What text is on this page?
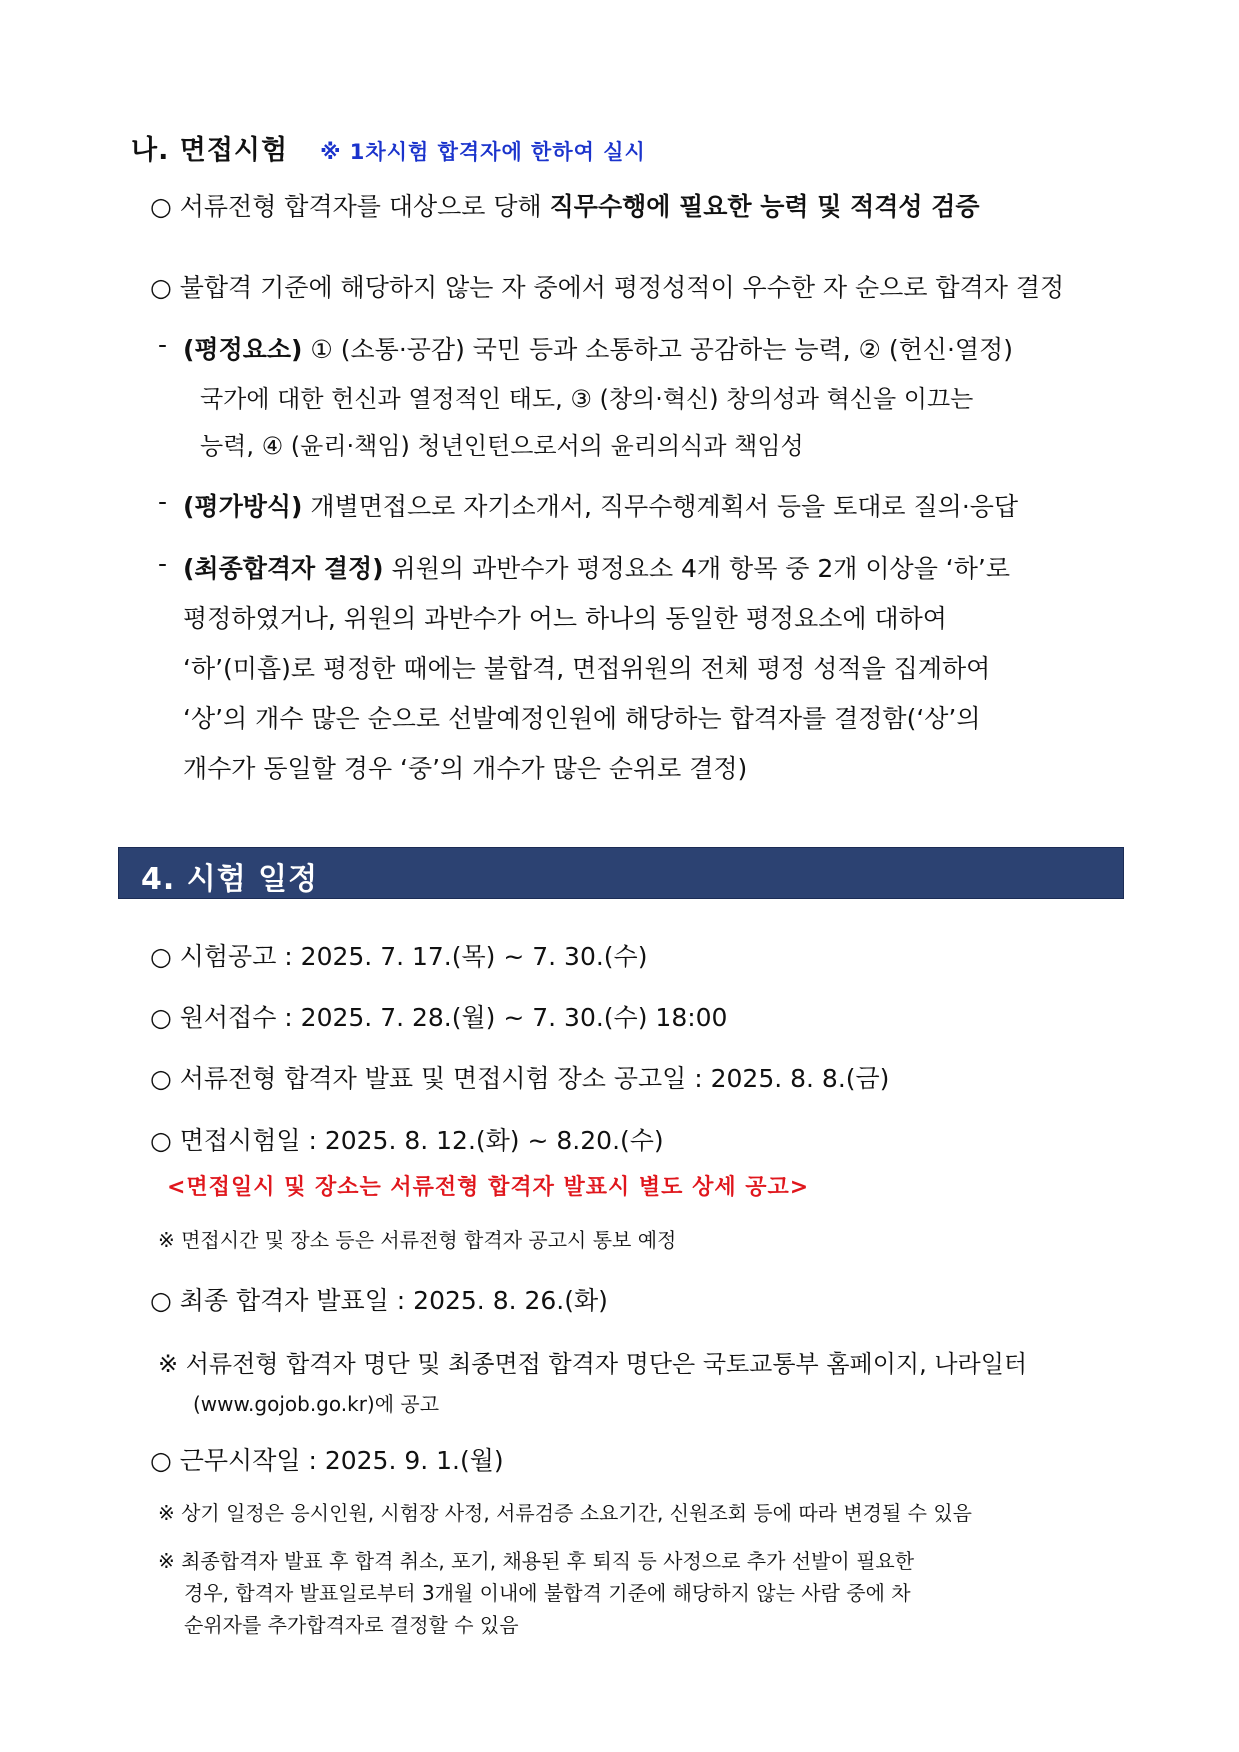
나. 면접시험 ※ 1차시험 합격자에 한하여 실시
○ 서류전형 합격자를 대상으로 당해 직무수행에 필요한 능력 및 적격성 검증
○ 불합격 기준에 해당하지 않는 자 중에서 평정성적이 우수한 자 순으로 합격자 결정
- (평정요소) ① (소통·공감) 국민 등과 소통하고 공감하는 능력, ② (헌신·열정)
국가에 대한 헌신과 열정적인 태도, ③ (창의·혁신) 창의성과 혁신을 이끄는
능력, ④ (윤리·책임) 청년인턴으로서의 윤리의식과 책임성
- (평가방식) 개별면접으로 자기소개서, 직무수행계획서 등을 토대로 질의·응답
- (최종합격자 결정) 위원의 과반수가 평정요소 4개 항목 중 2개 이상을 ‘하’로
평정하였거나, 위원의 과반수가 어느 하나의 동일한 평정요소에 대하여
‘하’(미흡)로 평정한 때에는 불합격, 면접위원의 전체 평정 성적을 집계하여
‘상’의 개수 많은 순으로 선발예정인원에 해당하는 합격자를 결정함(‘상’의
개수가 동일할 경우 ‘중’의 개수가 많은 순위로 결정)
4. 시험 일정
○ 시험공고 : 2025. 7. 17.(목) ~ 7. 30.(수)
○ 원서접수 : 2025. 7. 28.(월) ~ 7. 30.(수) 18:00
○ 서류전형 합격자 발표 및 면접시험 장소 공고일 : 2025. 8. 8.(금)
○ 면접시험일 : 2025. 8. 12.(화) ~ 8.20.(수)
<면접일시 및 장소는 서류전형 합격자 발표시 별도 상세 공고>
※ 면접시간 및 장소 등은 서류전형 합격자 공고시 통보 예정
○ 최종 합격자 발표일 : 2025. 8. 26.(화)
※ 서류전형 합격자 명단 및 최종면접 합격자 명단은 국토교통부 홈페이지, 나라일터
(www.gojob.go.kr)에 공고
○ 근무시작일 : 2025. 9. 1.(월)
※ 상기 일정은 응시인원, 시험장 사정, 서류검증 소요기간, 신원조회 등에 따라 변경될 수 있음
※ 최종합격자 발표 후 합격 취소, 포기, 채용된 후 퇴직 등 사정으로 추가 선발이 필요한
경우, 합격자 발표일로부터 3개월 이내에 불합격 기준에 해당하지 않는 사람 중에 차
순위자를 추가합격자로 결정할 수 있음
